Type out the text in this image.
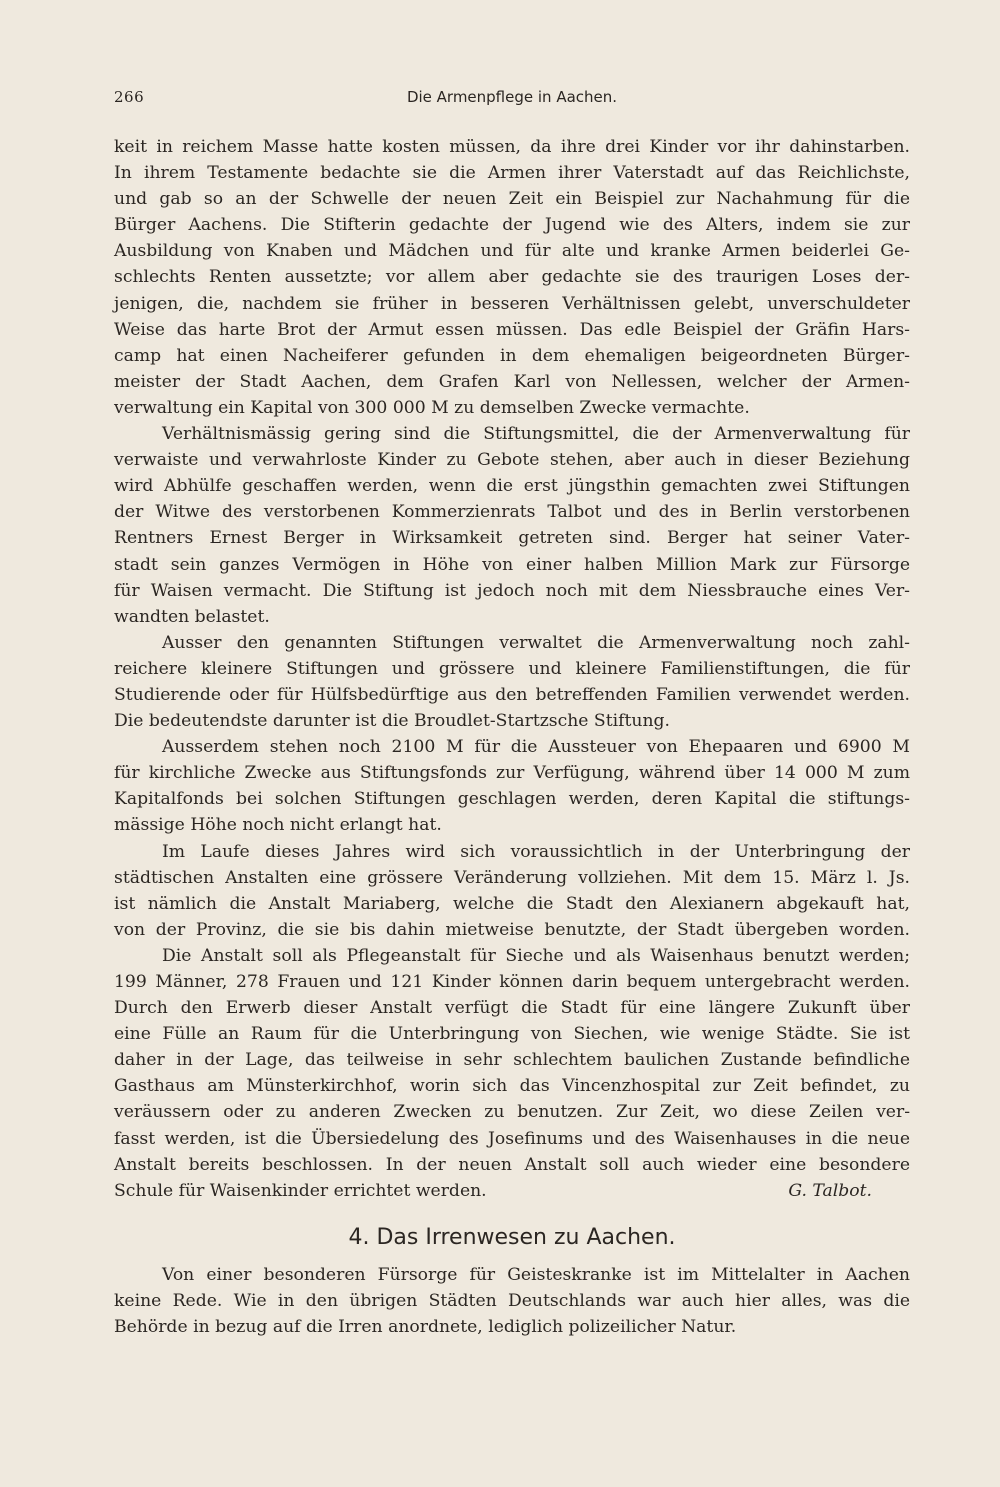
266	Die Armenpflege in Aachen.
keit in reichem Masse hatte kosten müssen, da ihre drei Kinder vor ihr dahinstarben.
In ihrem Testamente bedachte sie die Armen ihrer Vaterstadt auf das Reichlichste,
und gab so an der Schwelle der neuen Zeit ein Beispiel zur Nachahmung für die
Bürger Aachens. Die Stifterin gedachte der Jugend wie des Alters, indem sie zur
Ausbildung von Knaben und Mädchen und für alte und kranke Armen beiderlei Ge-
schlechts Renten aussetzte; vor allem aber gedachte sie des traurigen Loses der-
jenigen, die, nachdem sie früher in besseren Verhältnissen gelebt, unverschuldeter
Weise das harte Brot der Armut essen müssen. Das edle Beispiel der Gräfin Hars-
camp hat einen Nacheiferer gefunden in dem ehemaligen beigeordneten Bürger-
meister der Stadt Aachen, dem Grafen Karl von Nellessen, welcher der Armen-
verwaltung ein Kapital von 300 000 M zu demselben Zwecke vermachte.
Verhältnismässig gering sind die Stiftungsmittel, die der Armenverwaltung für
verwaiste und verwahrloste Kinder zu Gebote stehen, aber auch in dieser Beziehung
wird Abhülfe geschaffen werden, wenn die erst jüngsthin gemachten zwei Stiftungen
der Witwe des verstorbenen Kommerzienrats Talbot und des in Berlin verstorbenen
Rentners Ernest Berger in Wirksamkeit getreten sind. Berger hat seiner Vater-
stadt sein ganzes Vermögen in Höhe von einer halben Million Mark zur Fürsorge
für Waisen vermacht. Die Stiftung ist jedoch noch mit dem Niessbrauche eines Ver-
wandten belastet.
Ausser den genannten Stiftungen verwaltet die Armenverwaltung noch zahl-
reichere kleinere Stiftungen und grössere und kleinere Familienstiftungen, die für
Studierende oder für Hülfsbedürftige aus den betreffenden Familien verwendet werden.
Die bedeutendste darunter ist die Broudlet-Startzsche Stiftung.
Ausserdem stehen noch 2100 M für die Aussteuer von Ehepaaren und 6900 M
für kirchliche Zwecke aus Stiftungsfonds zur Verfügung, während über 14 000 M zum
Kapitalfonds bei solchen Stiftungen geschlagen werden, deren Kapital die stiftungs-
mässige Höhe noch nicht erlangt hat.
Im Laufe dieses Jahres wird sich voraussichtlich in der Unterbringung der
städtischen Anstalten eine grössere Veränderung vollziehen. Mit dem 15. März l. Js.
ist nämlich die Anstalt Mariaberg, welche die Stadt den Alexianern abgekauft hat,
von der Provinz, die sie bis dahin mietweise benutzte, der Stadt übergeben worden.
Die Anstalt soll als Pflegeanstalt für Sieche und als Waisenhaus benutzt werden;
199 Männer, 278 Frauen und 121 Kinder können darin bequem untergebracht werden.
Durch den Erwerb dieser Anstalt verfügt die Stadt für eine längere Zukunft über
eine Fülle an Raum für die Unterbringung von Siechen, wie wenige Städte. Sie ist
daher in der Lage, das teilweise in sehr schlechtem baulichen Zustande befindliche
Gasthaus am Münsterkirchhof, worin sich das Vincenzhospital zur Zeit befindet, zu
veräussern oder zu anderen Zwecken zu benutzen. Zur Zeit, wo diese Zeilen ver-
fasst werden, ist die Übersiedelung des Josefinums und des Waisenhauses in die neue
Anstalt bereits beschlossen. In der neuen Anstalt soll auch wieder eine besondere
Schule für Waisenkinder errichtet werden.	G. Talbot.
4. Das Irrenwesen zu Aachen.
Von einer besonderen Fürsorge für Geisteskranke ist im Mittelalter in Aachen
keine Rede. Wie in den übrigen Städten Deutschlands war auch hier alles, was die
Behörde in bezug auf die Irren anordnete, lediglich polizeilicher Natur.
